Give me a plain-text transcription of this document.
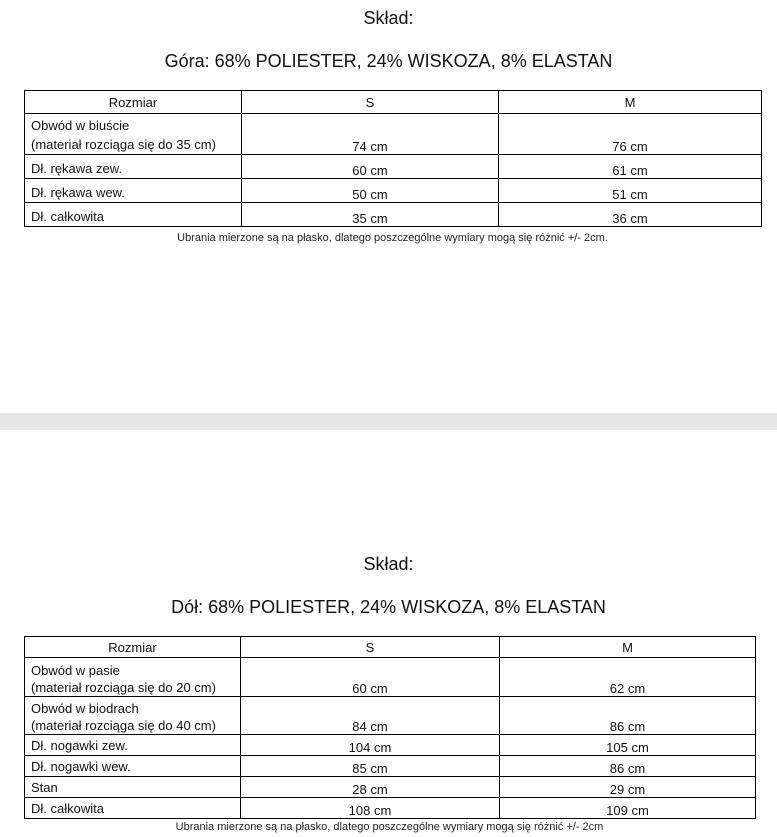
Skład:
Góra: 68% POLIESTER, 24% WISKOZA, 8% ELASTAN
Rozmiar	S	M

Obwód w biuście
(materiał rozciąga się do 35 cm)	74 cm	76 cm
Dł. rękawa zew.	60 cm	61 cm
Dł. rękawa wew.	50 cm	51 cm
Dł. całkowita	35 cm	36 cm
Ubrania mierzone są na płasko, dlatego poszczególne wymiary mogą się różnić +/- 2cm.
Skład:
Dół: 68% POLIESTER, 24% WISKOZA, 8% ELASTAN
Rozmiar	S	M

Obwód w pasie
(materiał rozciąga się do 20 cm)	60 cm	62 cm

Obwód w biodrach
(materiał rozciąga się do 40 cm)	84 cm	86 cm
Dł. nogawki zew.	104 cm	105 cm
Dł. nogawki wew.	85 cm	86 cm
Stan	28 cm	29 cm
Dł. całkowita	108 cm	109 cm
Ubrania mierzone są na płasko, dlatego poszczególne wymiary mogą się różnić +/- 2cm
